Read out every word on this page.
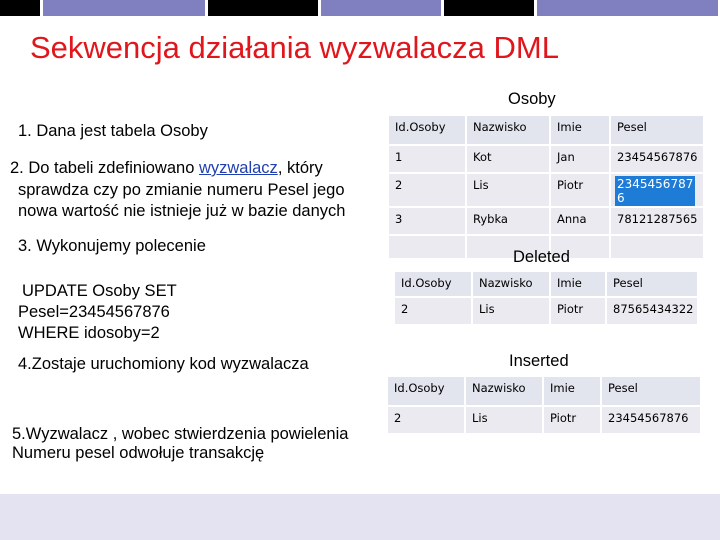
Sekwencja działania wyzwalacza DML
1. Dana jest tabela Osoby
2. Do tabeli zdefiniowano wyzwalacz, który
sprawdza czy po zmianie numeru Pesel jego
nowa wartość nie istnieje już w bazie danych
3. Wykonujemy polecenie
UPDATE Osoby SET
Pesel=23454567876
WHERE idosoby=2
4.Zostaje uruchomiony kod wyzwalacza
5.Wyzwalacz , wobec stwierdzenia powielenia
Numeru pesel odwołuje transakcję
Osoby
Id.Osoby	Nazwisko	Imie	Pesel
1	Kot	Jan	23454567876
2	Lis	Piotr	2345456787
6
3	Rybka	Anna	78121287565

Deleted
Id.Osoby	Nazwisko	Imie	Pesel
2	Lis	Piotr	87565434322
Inserted
Id.Osoby	Nazwisko	Imie	Pesel
2	Lis	Piotr	23454567876
